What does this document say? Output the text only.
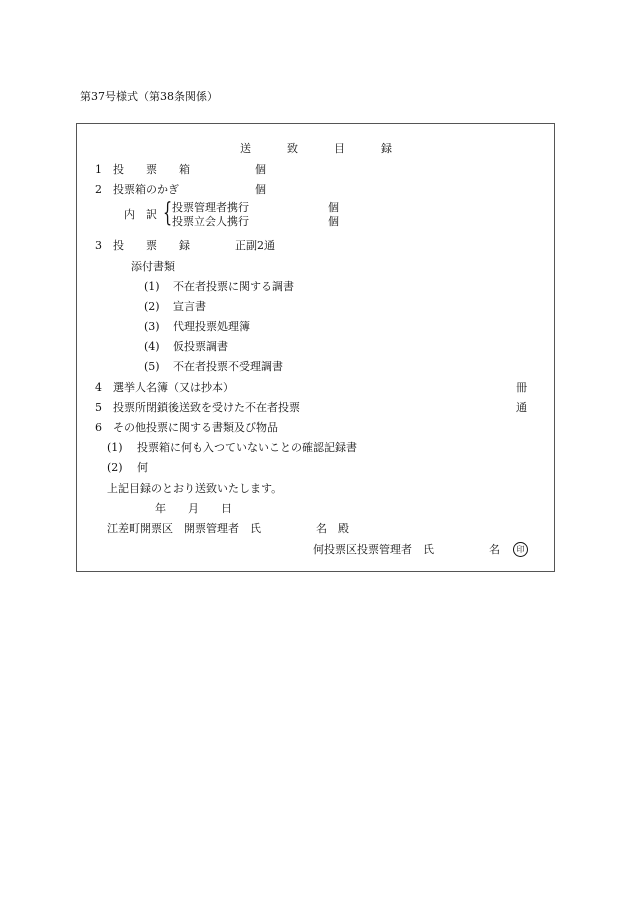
第37号様式（第38条関係）
送	致	目	録
1 投　　票　　箱	個
2 投票箱のかぎ	個
内　訳 { 投票管理者携行	個
投票立会人携行	個
3 投　　票　　録	正副2通
添付書類
(1) 不在者投票に関する調書
(2) 宣言書
(3) 代理投票処理簿
(4) 仮投票調書
(5) 不在者投票不受理調書
4 選挙人名簿（又は抄本）	冊
5 投票所閉鎖後送致を受けた不在者投票	通
6 その他投票に関する書類及び物品
(1) 投票箱に何も入つていないことの確認記録書
(2) 何
上記目録のとおり送致いたします。
年　　月　　日
江差町開票区　開票管理者　氏　　　　　名　殿
何投票区投票管理者　氏　　　　　名	印
